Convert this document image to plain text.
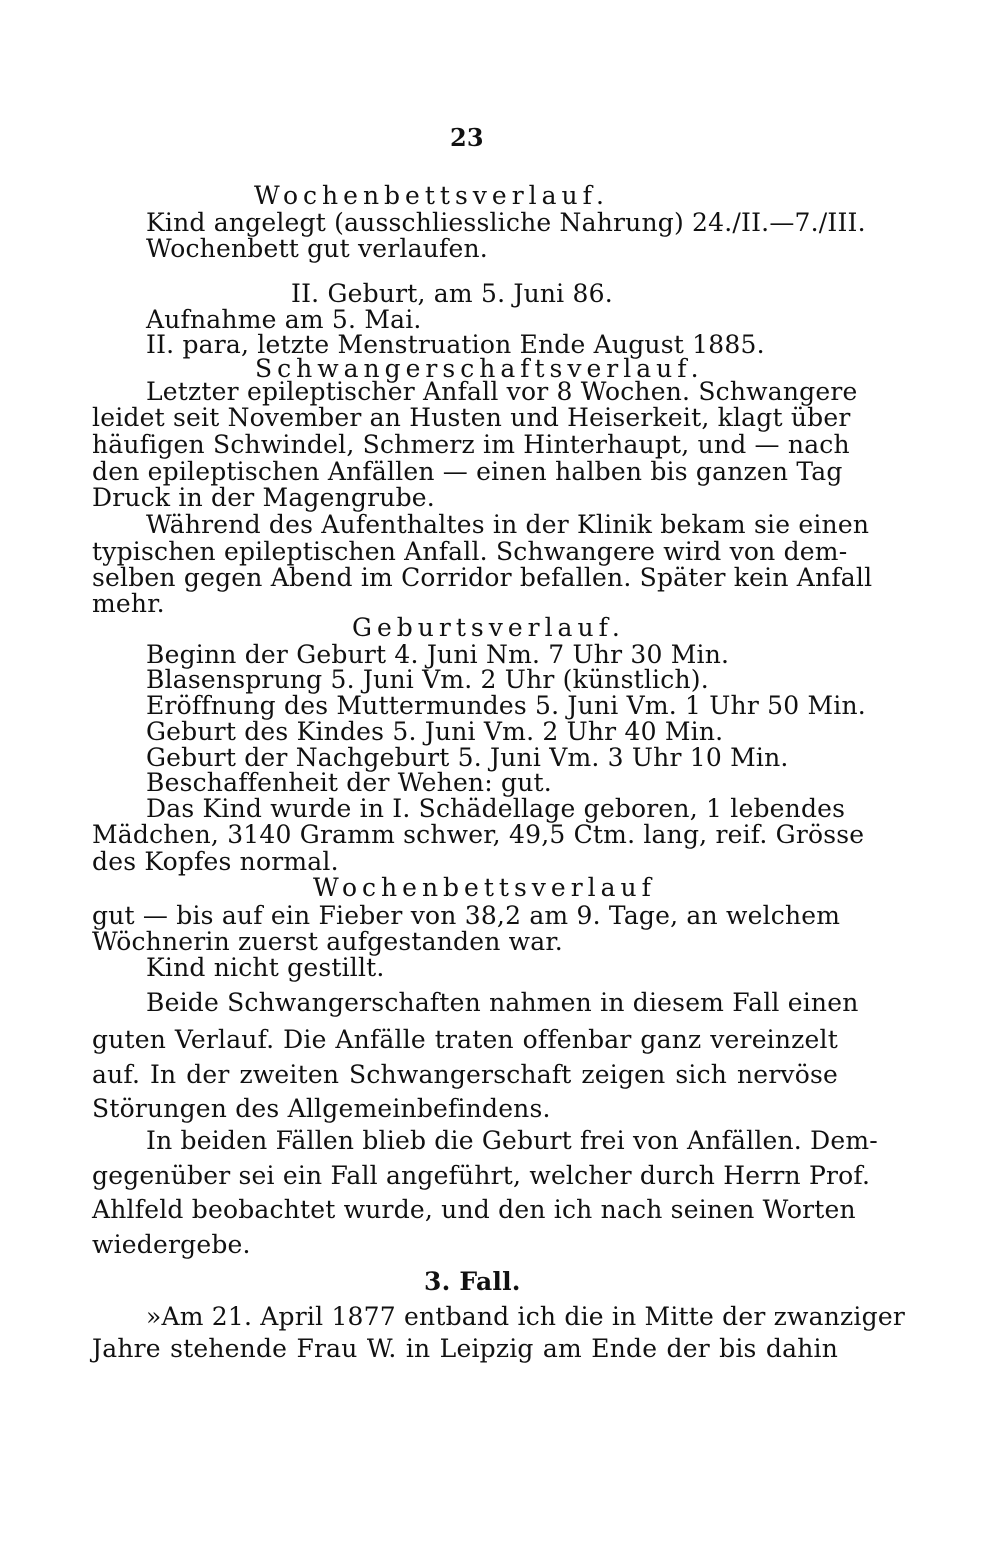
23
Wochenbettsverlauf.
Kind angelegt (ausschliessliche Nahrung) 24./II.—7./III.
Wochenbett gut verlaufen.
II. Geburt, am 5. Juni 86.
Aufnahme am 5. Mai.
II. para, letzte Menstruation Ende August 1885.
Schwangerschaftsverlauf.
Letzter epileptischer Anfall vor 8 Wochen. Schwangere
leidet seit November an Husten und Heiserkeit, klagt über
häufigen Schwindel, Schmerz im Hinterhaupt, und — nach
den epileptischen Anfällen — einen halben bis ganzen Tag
Druck in der Magengrube.
Während des Aufenthaltes in der Klinik bekam sie einen
typischen epileptischen Anfall. Schwangere wird von dem-
selben gegen Abend im Corridor befallen. Später kein Anfall
mehr.
Geburtsverlauf.
Beginn der Geburt 4. Juni Nm. 7 Uhr 30 Min.
Blasensprung 5. Juni Vm. 2 Uhr (künstlich).
Eröffnung des Muttermundes 5. Juni Vm. 1 Uhr 50 Min.
Geburt des Kindes 5. Juni Vm. 2 Uhr 40 Min.
Geburt der Nachgeburt 5. Juni Vm. 3 Uhr 10 Min.
Beschaffenheit der Wehen: gut.
Das Kind wurde in I. Schädellage geboren, 1 lebendes
Mädchen, 3140 Gramm schwer, 49,5 Ctm. lang, reif. Grösse
des Kopfes normal.
Wochenbettsverlauf
gut — bis auf ein Fieber von 38,2 am 9. Tage, an welchem
Wöchnerin zuerst aufgestanden war.
Kind nicht gestillt.
Beide Schwangerschaften nahmen in diesem Fall einen
guten Verlauf. Die Anfälle traten offenbar ganz vereinzelt
auf. In der zweiten Schwangerschaft zeigen sich nervöse
Störungen des Allgemeinbefindens.
In beiden Fällen blieb die Geburt frei von Anfällen. Dem-
gegenüber sei ein Fall angeführt, welcher durch Herrn Prof.
Ahlfeld beobachtet wurde, und den ich nach seinen Worten
wiedergebe.
3. Fall.
»Am 21. April 1877 entband ich die in Mitte der zwanziger
Jahre stehende Frau W. in Leipzig am Ende der bis dahin
